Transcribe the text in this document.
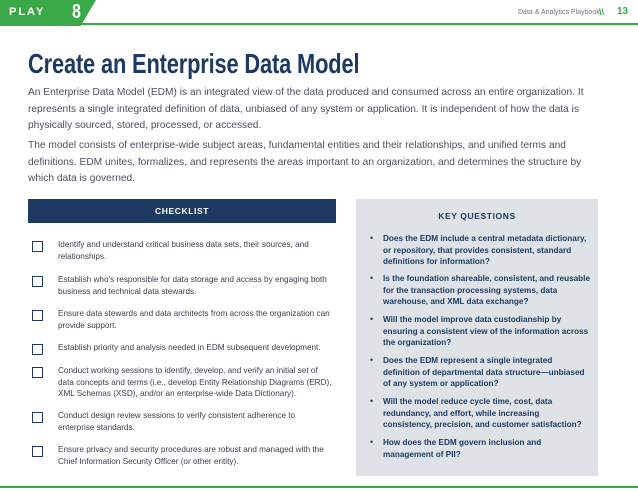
PLAY 8	Data & Analytics Playbook \\ 13
Create an Enterprise Data Model

An Enterprise Data Model (EDM) is an integrated view of the data produced and consumed across an entire organization. It represents a single integrated definition of data, unbiased of any system or application. It is independent of how the data is physically sourced, stored, processed, or accessed.

The model consists of enterprise-wide subject areas, fundamental entities and their relationships, and unified terms and definitions. EDM unites, formalizes, and represents the areas important to an organization, and determines the structure by which data is governed.

CHECKLIST
Identify and understand critical business data sets, their sources, and relationships.
Establish who’s responsible for data storage and access by engaging both business and technical data stewards.
Ensure data stewards and data architects from across the organization can provide support.
Establish priority and analysis needed in EDM subsequent development.
Conduct working sessions to identify, develop, and verify an initial set of data concepts and terms (i.e., develop Entity Relationship Diagrams (ERD), XML Schemas (XSD), and/or an enterprise-wide Data Dictionary).
Conduct design review sessions to verify consistent adherence to enterprise standards.
Ensure privacy and security procedures are robust and managed with the Chief Information Security Officer (or other entity).
KEY QUESTIONS
•	Does the EDM include a central metadata dictionary, or repository, that provides consistent, standard definitions for information?
•	Is the foundation shareable, consistent, and reusable for the transaction processing systems, data warehouse, and XML data exchange?
•	Will the model improve data custodianship by ensuring a consistent view of the information across the organization?
•	Does the EDM represent a single integrated definition of departmental data structure—unbiased of any system or application?
•	Will the model reduce cycle time, cost, data redundancy, and effort, while increasing consistency, precision, and customer satisfaction?
•	How does the EDM govern inclusion and management of PII?
